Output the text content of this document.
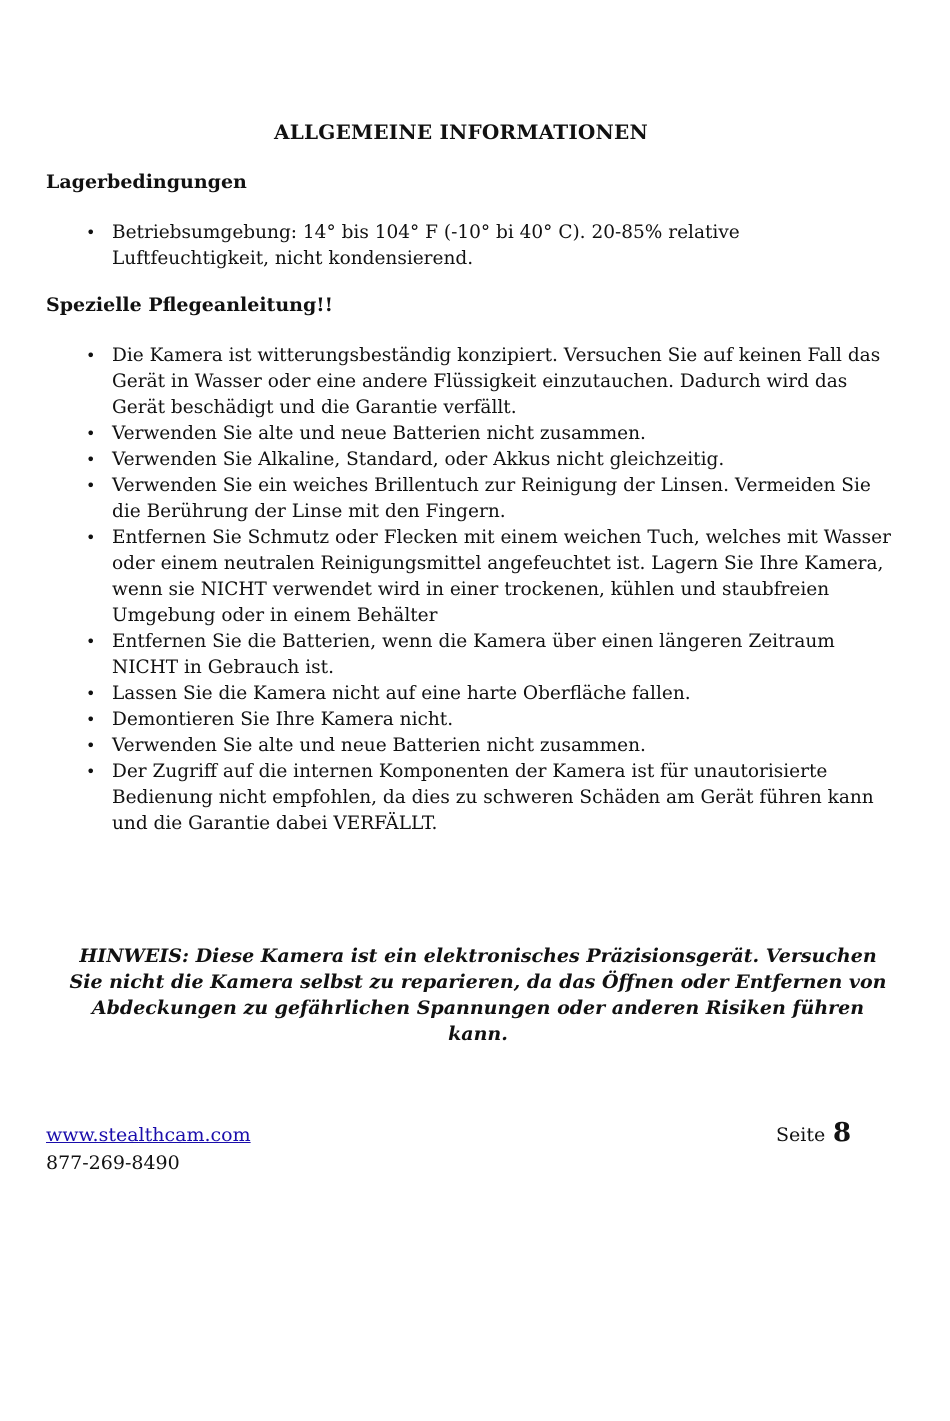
ALLGEMEINE INFORMATIONEN
Lagerbedingungen
• Betriebsumgebung: 14° bis 104° F (-10° bi 40° C). 20-85% relative Luftfeuchtigkeit, nicht kondensierend.
Spezielle Pflegeanleitung!!
• Die Kamera ist witterungsbeständig konzipiert. Versuchen Sie auf keinen Fall das Gerät in Wasser oder eine andere Flüssigkeit einzutauchen. Dadurch wird das Gerät beschädigt und die Garantie verfällt.
• Verwenden Sie alte und neue Batterien nicht zusammen.
• Verwenden Sie Alkaline, Standard, oder Akkus nicht gleichzeitig.
• Verwenden Sie ein weiches Brillentuch zur Reinigung der Linsen. Vermeiden Sie die Berührung der Linse mit den Fingern.
• Entfernen Sie Schmutz oder Flecken mit einem weichen Tuch, welches mit Wasser oder einem neutralen Reinigungsmittel angefeuchtet ist. Lagern Sie Ihre Kamera, wenn sie NICHT verwendet wird in einer trockenen, kühlen und staubfreien Umgebung oder in einem Behälter
• Entfernen Sie die Batterien, wenn die Kamera über einen längeren Zeitraum NICHT in Gebrauch ist.
• Lassen Sie die Kamera nicht auf eine harte Oberfläche fallen.
• Demontieren Sie Ihre Kamera nicht.
• Verwenden Sie alte und neue Batterien nicht zusammen.
• Der Zugriff auf die internen Komponenten der Kamera ist für unautorisierte Bedienung nicht empfohlen, da dies zu schweren Schäden am Gerät führen kann und die Garantie dabei VERFÄLLT.
HINWEIS: Diese Kamera ist ein elektronisches Präzisionsgerät. Versuchen Sie nicht die Kamera selbst zu reparieren, da das Öffnen oder Entfernen von Abdeckungen zu gefährlichen Spannungen oder anderen Risiken führen kann.
www.stealthcam.com
877-269-8490
Seite 8
